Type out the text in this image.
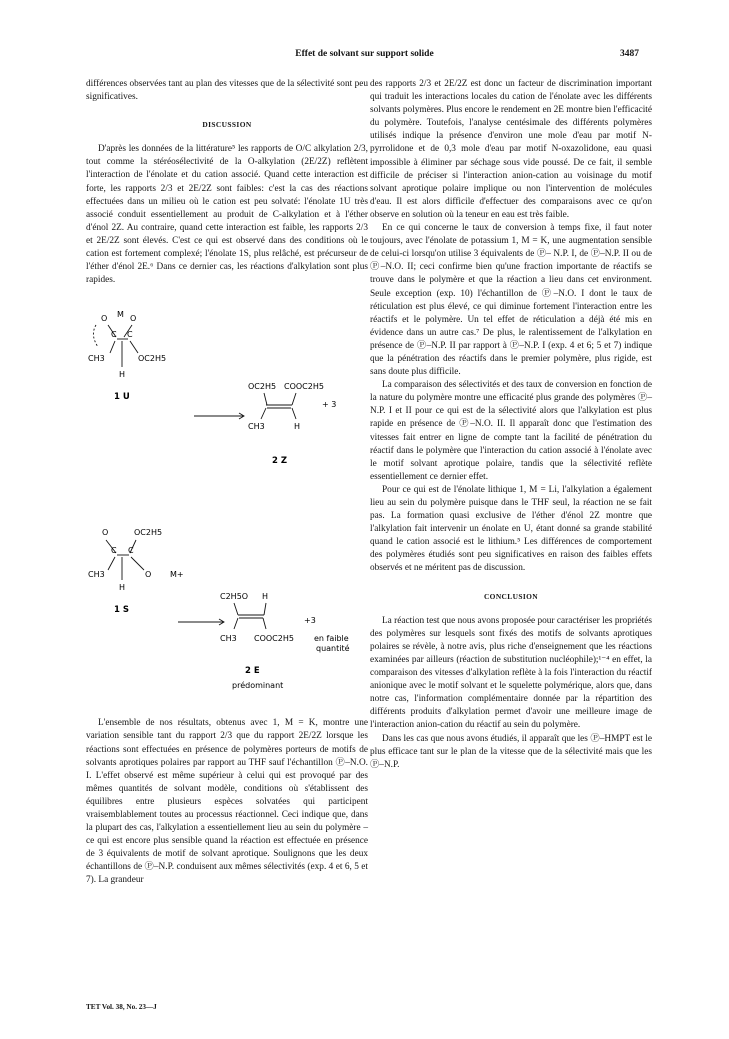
Effet de solvant sur support solide	3487

différences observées tant au plan des vitesses que de la sélectivité sont peu significatives.

DISCUSSION

D'après les données de la littérature⁵ les rapports de O/C alkylation 2/3, tout comme la stéréosélectivité de la O-alkylation (2E/2Z) reflètent l'interaction de l'énolate et du cation associé. Quand cette interaction est forte, les rapports 2/3 et 2E/2Z sont faibles: c'est la cas des réactions effectuées dans un milieu où le cation est peu solvaté: l'énolate 1U très associé conduit essentiellement au produit de C-alkylation et à l'éther d'énol 2Z. Au contraire, quand cette interaction est faible, les rapports 2/3 et 2E/2Z sont élevés. C'est ce qui est observé dans des conditions où le cation est fortement complexé; l'énolate 1S, plus relâché, est précurseur de l'éther d'énol 2E.⁶ Dans ce dernier cas, les réactions d'alkylation sont plus rapides.

O M O
C C
CH3	OC2H5
H
1 U
OC2H5 COOC2H5
+ 3
CH3	H
2 Z
O	OC2H5
C C
CH3	O M+
H
1 S
C2H5O H
+3
CH3 COOC2H5	en faible
quantité
2 E
prédominant

L'ensemble de nos résultats, obtenus avec 1, M = K, montre une variation sensible tant du rapport 2/3 que du rapport 2E/2Z lorsque les réactions sont effectuées en présence de polymères porteurs de motifs de solvants aprotiques polaires par rapport au THF sauf l'échantillon Ⓟ–N.O. I. L'effet observé est même supérieur à celui qui est provoqué par des mêmes quantités de solvant modèle, conditions où s'établissent des équilibres entre plusieurs espèces solvatées qui participent vraisemblablement toutes au processus réactionnel. Ceci indique que, dans la plupart des cas, l'alkylation a essentiellement lieu au sein du polymère – ce qui est encore plus sensible quand la réaction est effectuée en présence de 3 équivalents de motif de solvant aprotique. Soulignons que les deux échantillons de Ⓟ–N.P. conduisent aux mêmes sélectivités (exp. 4 et 6, 5 et 7). La grandeur

des rapports 2/3 et 2E/2Z est donc un facteur de discrimination important qui traduit les interactions locales du cation de l'énolate avec les différents solvants polymères. Plus encore le rendement en 2E montre bien l'efficacité du polymère. Toutefois, l'analyse centésimale des différents polymères utilisés indique la présence d'environ une mole d'eau par motif N-pyrrolidone et de 0,3 mole d'eau par motif N-oxazolidone, eau quasi impossible à éliminer par séchage sous vide poussé. De ce fait, il semble difficile de préciser si l'interaction anion-cation au voisinage du motif solvant aprotique polaire implique ou non l'intervention de molécules d'eau. Il est alors difficile d'effectuer des comparaisons avec ce qu'on observe en solution où la teneur en eau est très faible.

En ce qui concerne le taux de conversion à temps fixe, il faut noter toujours, avec l'énolate de potassium 1, M = K, une augmentation sensible de celui-ci lorsqu'on utilise 3 équivalents de Ⓟ– N.P. I, de Ⓟ–N.P. II ou de Ⓟ–N.O. II; ceci confirme bien qu'une fraction importante de réactifs se trouve dans le polymère et que la réaction a lieu dans cet environment. Seule exception (exp. 10) l'échantillon de Ⓟ–N.O. I dont le taux de réticulation est plus élevé, ce qui diminue fortement l'interaction entre les réactifs et le polymère. Un tel effet de réticulation a déjà été mis en évidence dans un autre cas.⁷ De plus, le ralentissement de l'alkylation en présence de Ⓟ–N.P. II par rapport à Ⓟ–N.P. I (exp. 4 et 6; 5 et 7) indique que la pénétration des réactifs dans le premier polymère, plus rigide, est sans doute plus difficile.

La comparaison des sélectivités et des taux de conversion en fonction de la nature du polymère montre une efficacité plus grande des polymères Ⓟ–N.P. I et II pour ce qui est de la sélectivité alors que l'alkylation est plus rapide en présence de Ⓟ–N.O. II. Il apparaît donc que l'estimation des vitesses fait entrer en ligne de compte tant la facilité de pénétration du réactif dans le polymère que l'interaction du cation associé à l'énolate avec le motif solvant aprotique polaire, tandis que la sélectivité reflète essentiellement ce dernier effet.

Pour ce qui est de l'énolate lithique 1, M = Li, l'alkylation a également lieu au sein du polymère puisque dans le THF seul, la réaction ne se fait pas. La formation quasi exclusive de l'éther d'énol 2Z montre que l'alkylation fait intervenir un énolate en U, étant donné sa grande stabilité quand le cation associé est le lithium.⁵ Les différences de comportement des polymères étudiés sont peu significatives en raison des faibles effets observés et ne méritent pas de discussion.

CONCLUSION

La réaction test que nous avons proposée pour caractériser les propriétés des polymères sur lesquels sont fixés des motifs de solvants aprotiques polaires se révèle, à notre avis, plus riche d'enseignement que les réactions examinées par ailleurs (réaction de substitution nucléophile);¹⁻⁴ en effet, la comparaison des vitesses d'alkylation reflète à la fois l'interaction du réactif anionique avec le motif solvant et le squelette polymérique, alors que, dans notre cas, l'information complémentaire donnée par la répartition des différents produits d'alkylation permet d'avoir une meilleure image de l'interaction anion-cation du réactif au sein du polymère.

Dans les cas que nous avons étudiés, il apparaît que les Ⓟ–HMPT est le plus efficace tant sur le plan de la vitesse que de la sélectivité mais que les Ⓟ–N.P.

TET Vol. 38, No. 23—J
